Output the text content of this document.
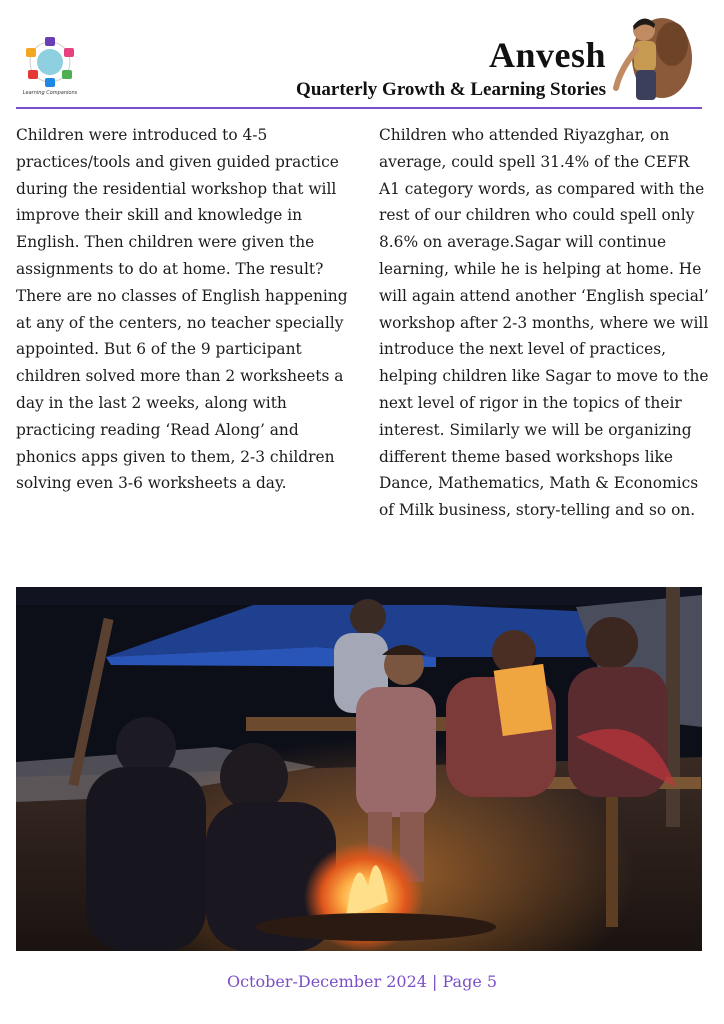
Learning Companions
Anvesh
Quarterly Growth & Learning Stories
Children were introduced to 4-5 practices/tools and given guided practice during the residential workshop that will improve their skill and knowledge in English. Then children were given the assignments to do at home. The result? There are no classes of English happening at any of the centers, no teacher specially appointed. But 6 of the 9 participant children solved more than 2 worksheets a day in the last 2 weeks, along with practicing reading ‘Read Along’ and phonics apps given to them, 2-3 children solving even 3-6 worksheets a day.
Children who attended Riyazghar, on average, could spell 31.4% of the CEFR A1 category words, as compared with the rest of our children who could spell only 8.6% on average.Sagar will continue learning, while he is helping at home. He will again attend another ‘English special’ workshop after 2-3 months, where we will introduce the next level of practices, helping children like Sagar to move to the next level of rigor in the topics of their interest. Similarly we will be organizing different theme based workshops like Dance, Mathematics, Math & Economics of Milk business, story-telling and so on.
October-December 2024 | Page 5
